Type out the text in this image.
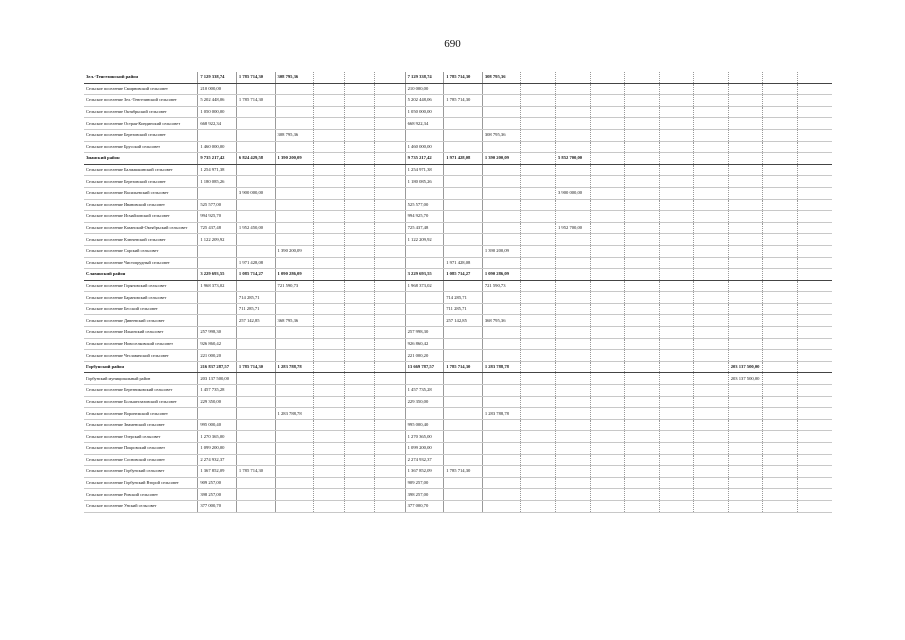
690
Зел.-Тенгезинский район	7 129 338,74	1 785 714,30	308 795,36				7 129 338,74	1 785 714,30	308 795,36									
Сельское поселение Смирновский сельсовет	210 000,00						210 000,00											
Сельское поселение Зел.-Тенгезинский сельсовет	5 202 448,06	1 785 714,30					5 202 448,06	1 785 714,30										
Сельское поселение Октябрьский сельсовет	1 050 000,00						1 050 000,00											
Сельское поселение Острая-Киндинский сельсовет	668 922,34						668 922,34											
Сельское поселение Березовский сельсовет			308 795,36						308 795,36									
Сельское поселение Брусский сельсовет	1 460 000,00						1 460 000,00											
Зианский район	9 735 217,42	6 824 429,58	1 390 200,09				9 735 217,42	1 971 428,08	1 390 200,09		5 852 700,00							
Сельское поселение Балмашкинский сельсовет	1 254 971,38						1 254 971,38											
Сельское поселение Березовский сельсовет	1 180 085,26						1 180 085,26											
Сельское поселение Васильевский сельсовет		3 900 000,00									3 900 000,00							
Сельское поселение Ивановский сельсовет	525 577,00						525 577,00											
Сельское поселение Исмайловский сельсовет	994 925,70						994 925,70											
Сельское поселение Казанский-Октябрьский сельсовет	725 437,48	1 952 450,00					725 437,48				1 952 700,00							
Сельское поселение Ключевский сельсовет	1 122 209,92						1 122 209,92											
Сельское поселение Сарский сельсовет			1 390 200,09						1 390 200,09									
Сельское поселение Чистопрудный сельсовет		1 971 428,08						1 971 428,08										
Славянский район	3 229 693,55	1 085 714,27	1 090 286,09				3 229 693,55	1 085 714,27	1 090 286,09									
Сельское поселение Горяновский сельсовет	1 968 373,02		721 590,73				1 968 373,02		721 590,73									
Сельское поселение Барановский сельсовет		714 285,71						714 285,71										
Сельское поселение Бесский сельсовет		711 285,71						711 285,71										
Сельское поселение Дивеевский сельсовет		257 142,85	368 795,36					257 142,85	368 795,36									
Сельское поселение Ильинский сельсовет	257 998,30						257 998,30											
Сельское поселение Новоселковский сельсовет	926 860,42						926 860,42											
Сельское поселение Чеславичский сельсовет	221 000,20						221 000,20											
Горбунский район	216 837 287,57	1 785 714,30	1 283 788,78				13 669 787,57	1 785 714,30	1 283 788,78							203 137 500,00		
Горбунский муниципальный район	203 137 500,00															203 137 500,00		
Сельское поселение Березниковский сельсовет	1 457 735,28						1 457 735,28											
Сельское поселение Большеглазовский сельсовет	229 350,00						229 350,00											
Сельское поселение Воронежский сельсовет			1 283 788,78						1 283 788,78									
Сельское поселение Знаменский сельсовет	995 000,40						995 000,40											
Сельское поселение Озерский сельсовет	1 270 365,00						1 270 365,00											
Сельское поселение Покровский сельсовет	1 099 200,00						1 099 200,00											
Сельское поселение Сосновский сельсовет	2 274 932,37						2 274 932,37											
Сельское поселение Горбунский сельсовет	1 367 852,09	1 785 714,30					1 367 852,09	1 785 714,30										
Сельское поселение Горбунский Второй сельсовет	909 257,00						909 257,00											
Сельское поселение Ровский сельсовет	398 257,00						398 257,00											
Сельское поселение Унский сельсовет	377 000,70						377 000,70											
